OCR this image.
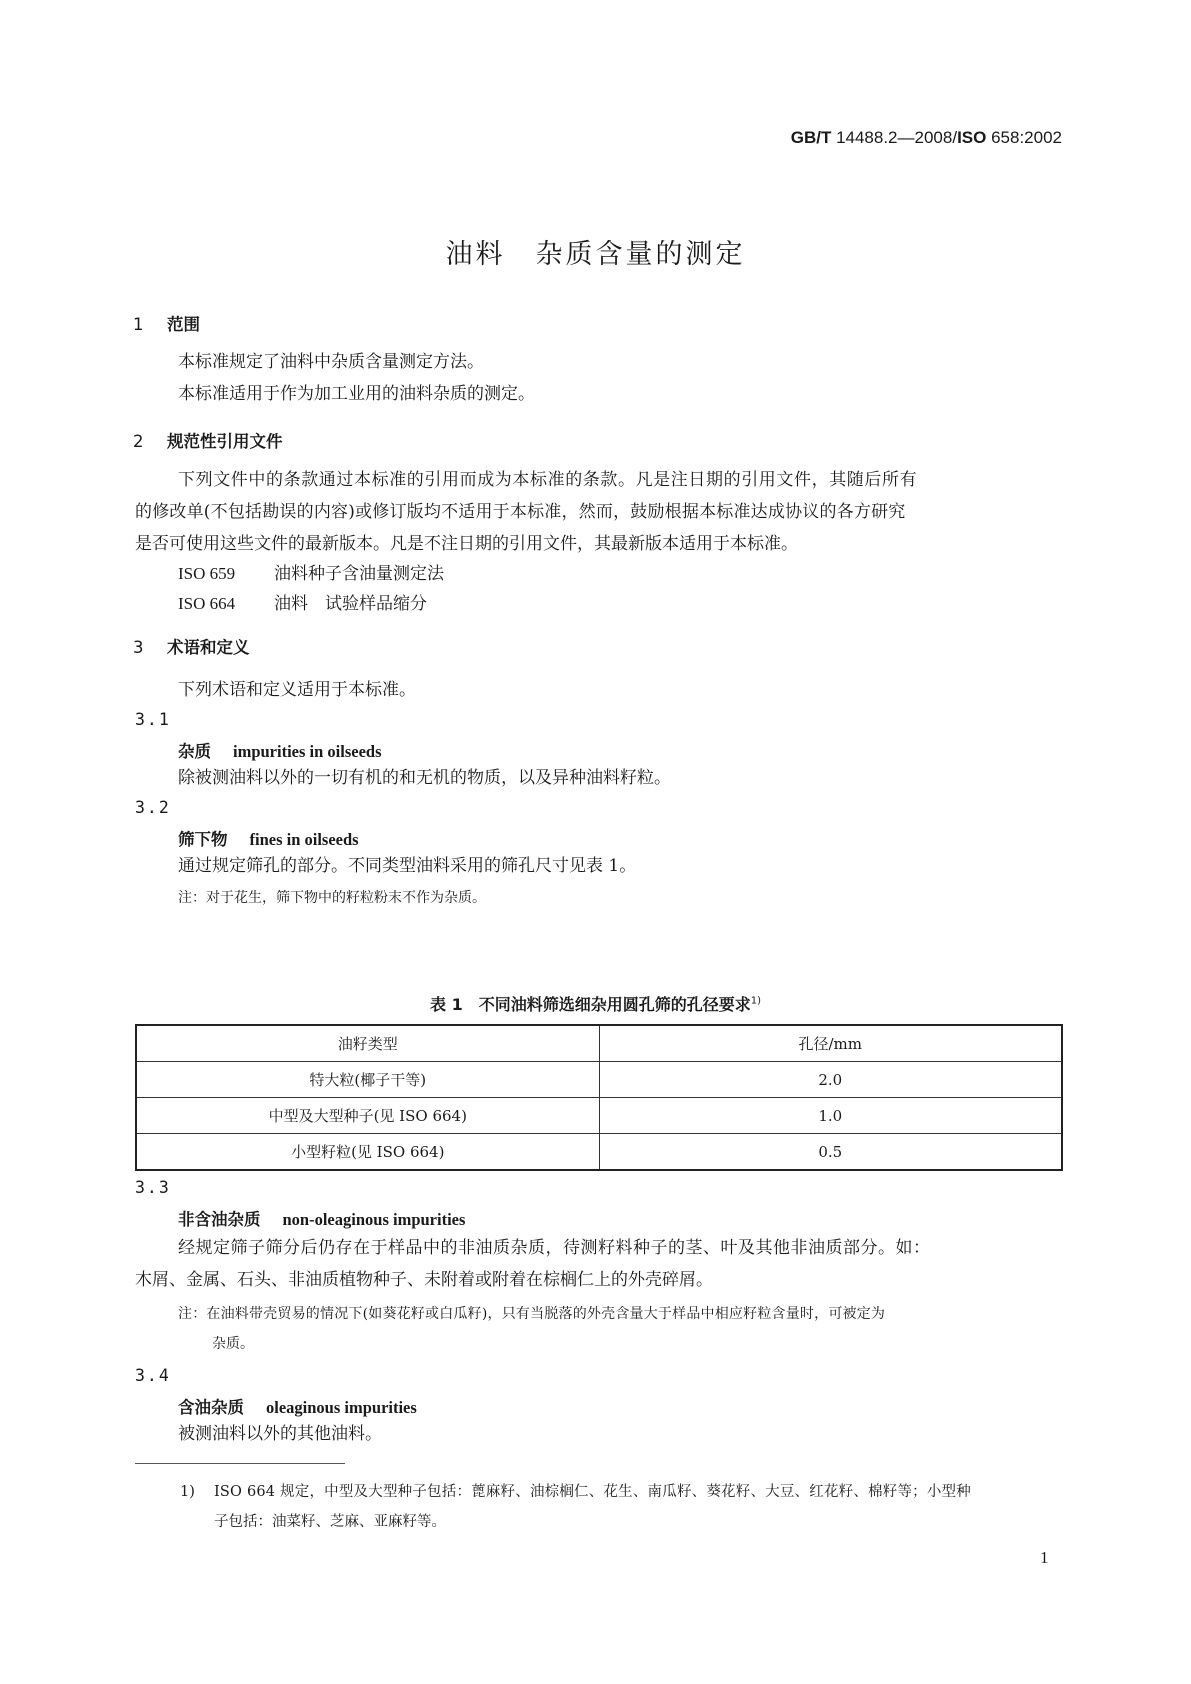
GB/T 14488.2—2008/ISO 658:2002
油料　杂质含量的测定
1 范围
本标准规定了油料中杂质含量测定方法。
本标准适用于作为加工业用的油料杂质的测定。
2 规范性引用文件
下列文件中的条款通过本标准的引用而成为本标准的条款。凡是注日期的引用文件，其随后所有
的修改单(不包括勘误的内容)或修订版均不适用于本标准，然而，鼓励根据本标准达成协议的各方研究
是否可使用这些文件的最新版本。凡是不注日期的引用文件，其最新版本适用于本标准。
ISO 659 油料种子含油量测定法
ISO 664 油料　试验样品缩分
3 术语和定义
下列术语和定义适用于本标准。
3.1
杂质 impurities in oilseeds
除被测油料以外的一切有机的和无机的物质，以及异种油料籽粒。
3.2
筛下物 fines in oilseeds
通过规定筛孔的部分。不同类型油料采用的筛孔尺寸见表 1。
注：对于花生，筛下物中的籽粒粉末不作为杂质。
表 1　不同油料筛选细杂用圆孔筛的孔径要求$^{1)}$
油籽类型	孔径/mm
特大粒(椰子干等)	2.0
中型及大型种子(见 ISO 664)	1.0
小型籽粒(见 ISO 664)	0.5
3.3
非含油杂质 non-oleaginous impurities
经规定筛子筛分后仍存在于样品中的非油质杂质，待测籽料种子的茎、叶及其他非油质部分。如：
木屑、金属、石头、非油质植物种子、未附着或附着在棕榈仁上的外壳碎屑。
注：在油料带壳贸易的情况下(如葵花籽或白瓜籽)，只有当脱落的外壳含量大于样品中相应籽粒含量时，可被定为
杂质。
3.4
含油杂质 oleaginous impurities
被测油料以外的其他油料。
1) ISO 664 规定，中型及大型种子包括：蓖麻籽、油棕榈仁、花生、南瓜籽、葵花籽、大豆、红花籽、棉籽等；小型种
子包括：油菜籽、芝麻、亚麻籽等。
1
